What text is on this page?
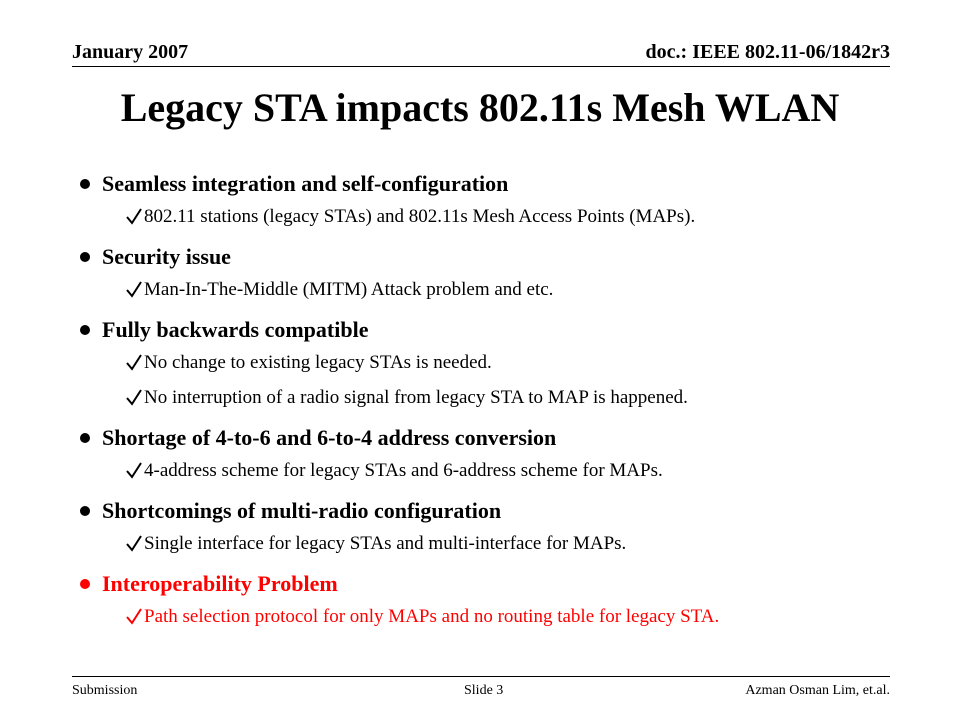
January 2007	doc.: IEEE 802.11-06/1842r3
Legacy STA impacts 802.11s Mesh WLAN
Seamless integration and self-configuration
802.11 stations (legacy STAs) and 802.11s Mesh Access Points (MAPs).
Security issue
Man-In-The-Middle (MITM) Attack problem and etc.
Fully backwards compatible
No change to existing legacy STAs is needed.
No interruption of a radio signal from legacy STA to MAP is happened.
Shortage of 4-to-6 and 6-to-4 address conversion
4-address scheme for legacy STAs and 6-address scheme for MAPs.
Shortcomings of multi-radio configuration
Single interface for legacy STAs and multi-interface for MAPs.
Interoperability Problem
Path selection protocol for only MAPs and no routing table for legacy STA.
Submission	Slide 3	Azman Osman Lim, et.al.
